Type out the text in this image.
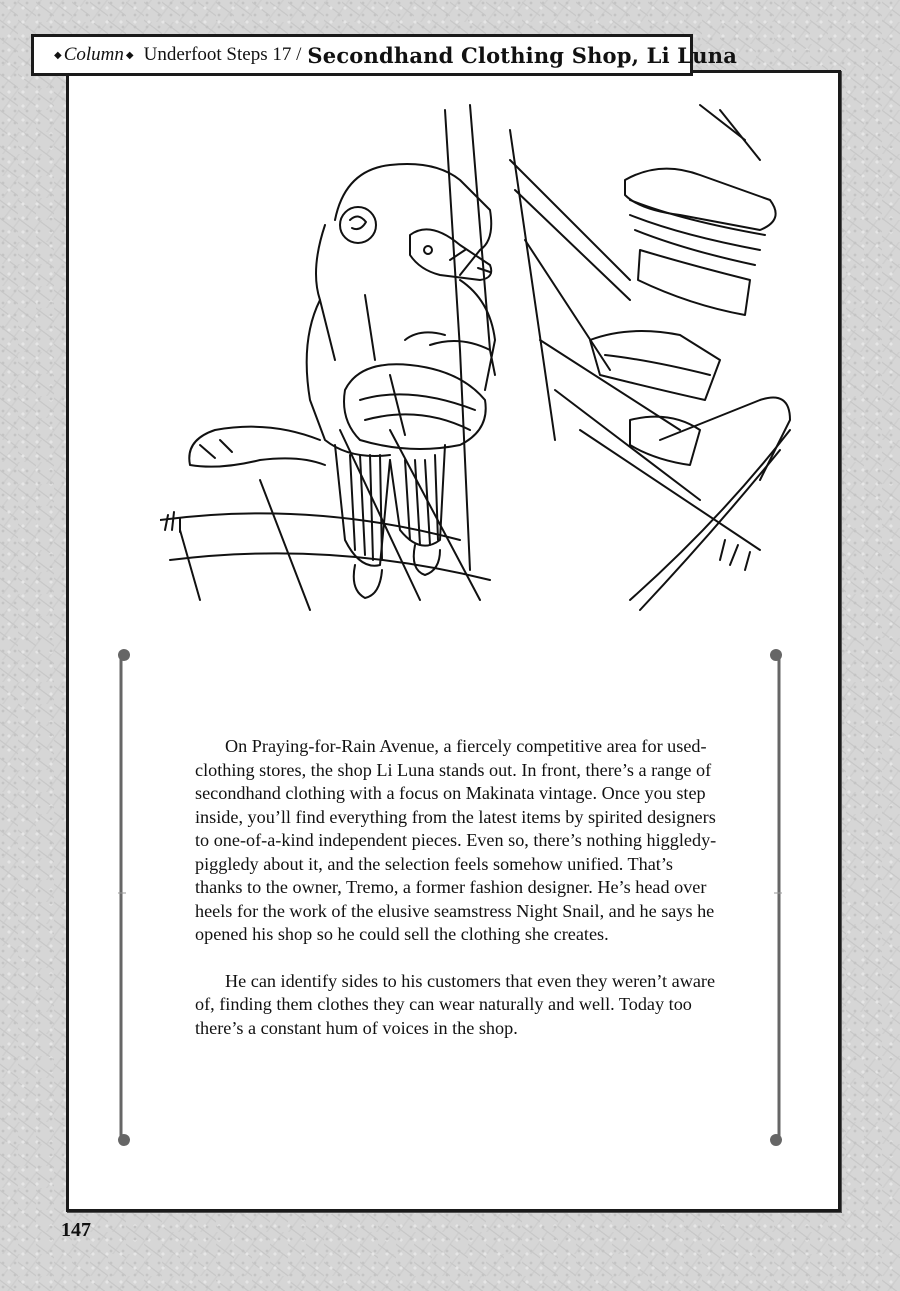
◆ Column ◆ Underfoot Steps 17 / Secondhand Clothing Shop, Li Luna

On Praying-for-Rain Avenue, a fiercely competitive area for used-clothing stores, the shop Li Luna stands out. In front, there’s a range of secondhand clothing with a focus on Makinata vintage. Once you step inside, you’ll find everything from the latest items by spirited designers to one-of-a-kind independent pieces. Even so, there’s nothing higgledy-piggledy about it, and the selection feels somehow unified. That’s thanks to the owner, Tremo, a former fashion designer. He’s head over heels for the work of the elusive seamstress Night Snail, and he says he opened his shop so he could sell the clothing she creates.

He can identify sides to his customers that even they weren’t aware of, finding them clothes they can wear naturally and well. Today too there’s a constant hum of voices in the shop.

147
